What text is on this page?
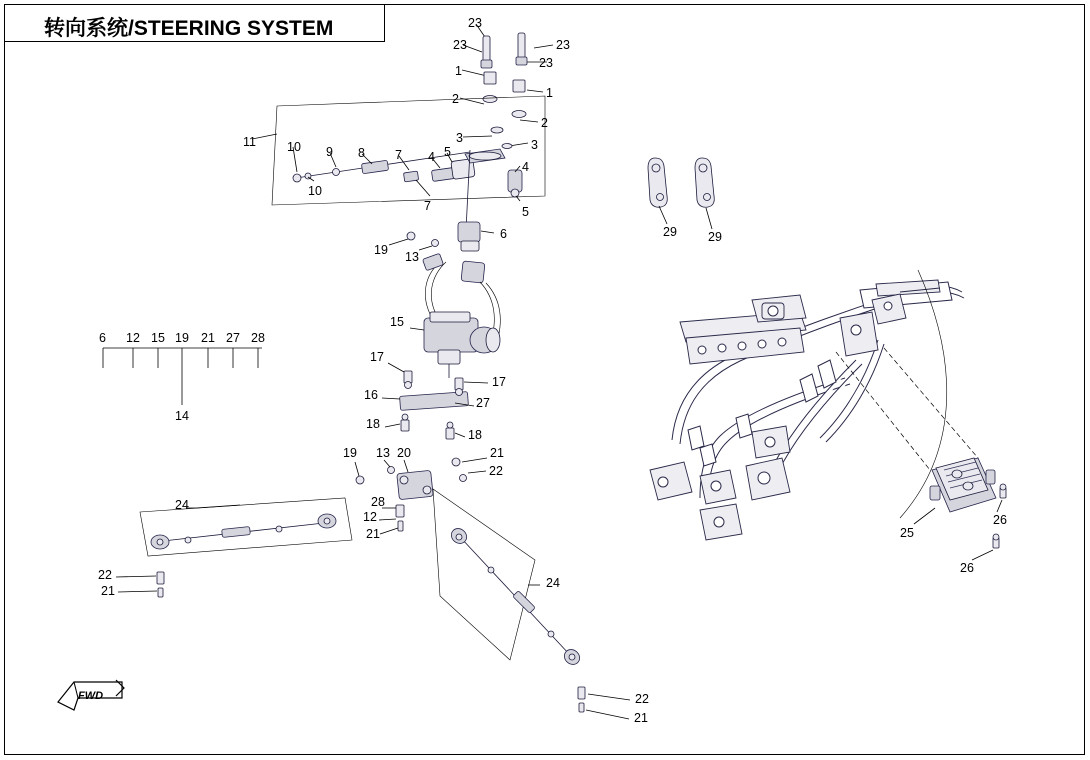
23
23	23
23
1
1
2
2
3	3
11 10 9 8 7	5
4
4
10
7	5
6
19 13
15
17
17
16
27
18
18
19 13 20	21
22
24	28
12
21
22
21
24
22
21
29 29
25
26
26
6 12 15 19 21 27 28
14
转向系统/STEERING SYSTEM
FWD
